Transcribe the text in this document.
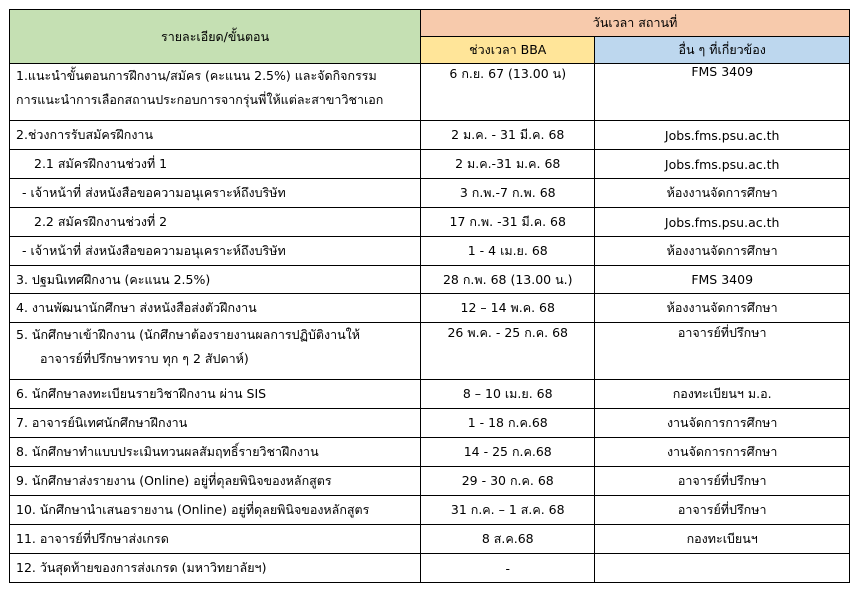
รายละเอียด/ขั้นตอน	วันเวลา สถานที่	
	ช่วงเวลา BBA	อื่น ๆ ที่เกี่ยวข้อง

1.แนะนำขั้นตอนการฝึกงาน/สมัคร (คะแนน 2.5%) และจัดกิจกรรม
การแนะนำการเลือกสถานประกอบการจากรุ่นพี่ให้แต่ละสาขาวิชาเอก	6 ก.ย. 67 (13.00 น)	FMS 3409
2.ช่วงการรับสมัครฝึกงาน	2 ม.ค. - 31 มี.ค. 68	Jobs.fms.psu.ac.th
2.1 สมัครฝึกงานช่วงที่ 1	2 ม.ค.-31 ม.ค. 68	Jobs.fms.psu.ac.th
- เจ้าหน้าที่ ส่งหนังสือขอความอนุเคราะห์ถึงบริษัท	3 ก.พ.-7 ก.พ. 68	ห้องงานจัดการศึกษา
2.2 สมัครฝึกงานช่วงที่ 2	17 ก.พ. -31 มี.ค. 68	Jobs.fms.psu.ac.th
- เจ้าหน้าที่ ส่งหนังสือขอความอนุเคราะห์ถึงบริษัท	1 - 4 เม.ย. 68	ห้องงานจัดการศึกษา
3. ปฐมนิเทศฝึกงาน (คะแนน 2.5%)	28 ก.พ. 68 (13.00 น.)	FMS 3409
4. งานพัฒนานักศึกษา ส่งหนังสือส่งตัวฝึกงาน	12 – 14 พ.ค. 68	ห้องงานจัดการศึกษา

5. นักศึกษาเข้าฝึกงาน (นักศึกษาต้องรายงานผลการปฏิบัติงานให้
อาจารย์ที่ปรึกษาทราบ ทุก ๆ 2 สัปดาห์)	26 พ.ค. - 25 ก.ค. 68	อาจารย์ที่ปรึกษา
6. นักศึกษาลงทะเบียนรายวิชาฝึกงาน ผ่าน SIS	8 – 10 เม.ย. 68	กองทะเบียนฯ ม.อ.
7. อาจารย์นิเทศนักศึกษาฝึกงาน	1 - 18 ก.ค.68	งานจัดการการศึกษา
8. นักศึกษาทำแบบประเมินทวนผลสัมฤทธิ์รายวิชาฝึกงาน	14 - 25 ก.ค.68	งานจัดการการศึกษา
9. นักศึกษาส่งรายงาน (Online) อยู่ที่ดุลยพินิจของหลักสูตร	29 - 30 ก.ค. 68	อาจารย์ที่ปรึกษา
10. นักศึกษานำเสนอรายงาน (Online) อยู่ที่ดุลยพินิจของหลักสูตร	31 ก.ค. – 1 ส.ค. 68	อาจารย์ที่ปรึกษา
11. อาจารย์ที่ปรึกษาส่งเกรด	8 ส.ค.68	กองทะเบียนฯ
12. วันสุดท้ายของการส่งเกรด (มหาวิทยาลัยฯ)	-	
